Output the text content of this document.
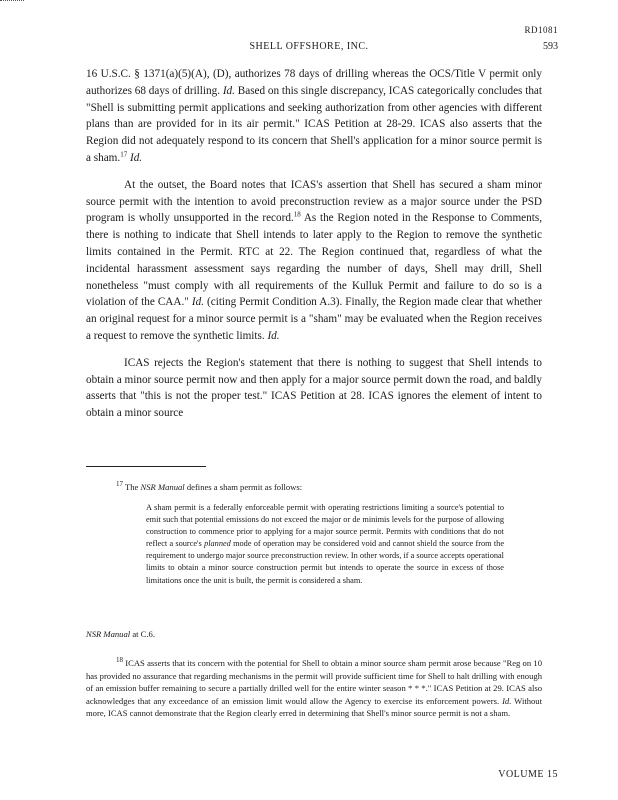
RD1081
SHELL OFFSHORE, INC.	593

16 U.S.C. § 1371(a)(5)(A), (D), authorizes 78 days of drilling whereas the OCS/Title V permit only authorizes 68 days of drilling. Id. Based on this single discrepancy, ICAS categorically concludes that "Shell is submitting permit applications and seeking authorization from other agencies with different plans than are provided for in its air permit." ICAS Petition at 28-29. ICAS also asserts that the Region did not adequately respond to its concern that Shell's application for a minor source permit is a sham.$^{17}$ Id.

At the outset, the Board notes that ICAS's assertion that Shell has secured a sham minor source permit with the intention to avoid preconstruction review as a major source under the PSD program is wholly unsupported in the record.$^{18}$ As the Region noted in the Response to Comments, there is nothing to indicate that Shell intends to later apply to the Region to remove the synthetic limits contained in the Permit. RTC at 22. The Region continued that, regardless of what the incidental harassment assessment says regarding the number of days, Shell may drill, Shell nonetheless "must comply with all requirements of the Kulluk Permit and failure to do so is a violation of the CAA." Id. (citing Permit Condition A.3). Finally, the Region made clear that whether an original request for a minor source permit is a "sham" may be evaluated when the Region receives a request to remove the synthetic limits. Id.

ICAS rejects the Region's statement that there is nothing to suggest that Shell intends to obtain a minor source permit now and then apply for a major source permit down the road, and baldly asserts that "this is not the proper test." ICAS Petition at 28. ICAS ignores the element of intent to obtain a minor source

$^{17}$ The NSR Manual defines a sham permit as follows:
A sham permit is a federally enforceable permit with operating restrictions limiting a source's potential to emit such that potential emissions do not exceed the major or de minimis levels for the purpose of allowing construction to commence prior to applying for a major source permit. Permits with conditions that do not reflect a source's planned mode of operation may be considered void and cannot shield the source from the requirement to undergo major source preconstruction review. In other words, if a source accepts operational limits to obtain a minor source construction permit but intends to operate the source in excess of those limitations once the unit is built, the permit is considered a sham.
NSR Manual at C.6.
$^{18}$ ICAS asserts that its concern with the potential for Shell to obtain a minor source sham permit arose because "Reg on 10 has provided no assurance that regarding mechanisms in the permit will provide sufficient time for Shell to halt drilling with enough of an emission buffer remaining to secure a partially drilled well for the entire winter season * * *." ICAS Petition at 29. ICAS also acknowledges that any exceedance of an emission limit would allow the Agency to exercise its enforcement powers. Id. Without more, ICAS cannot demonstrate that the Region clearly erred in determining that Shell's minor source permit is not a sham.
VOLUME 15
